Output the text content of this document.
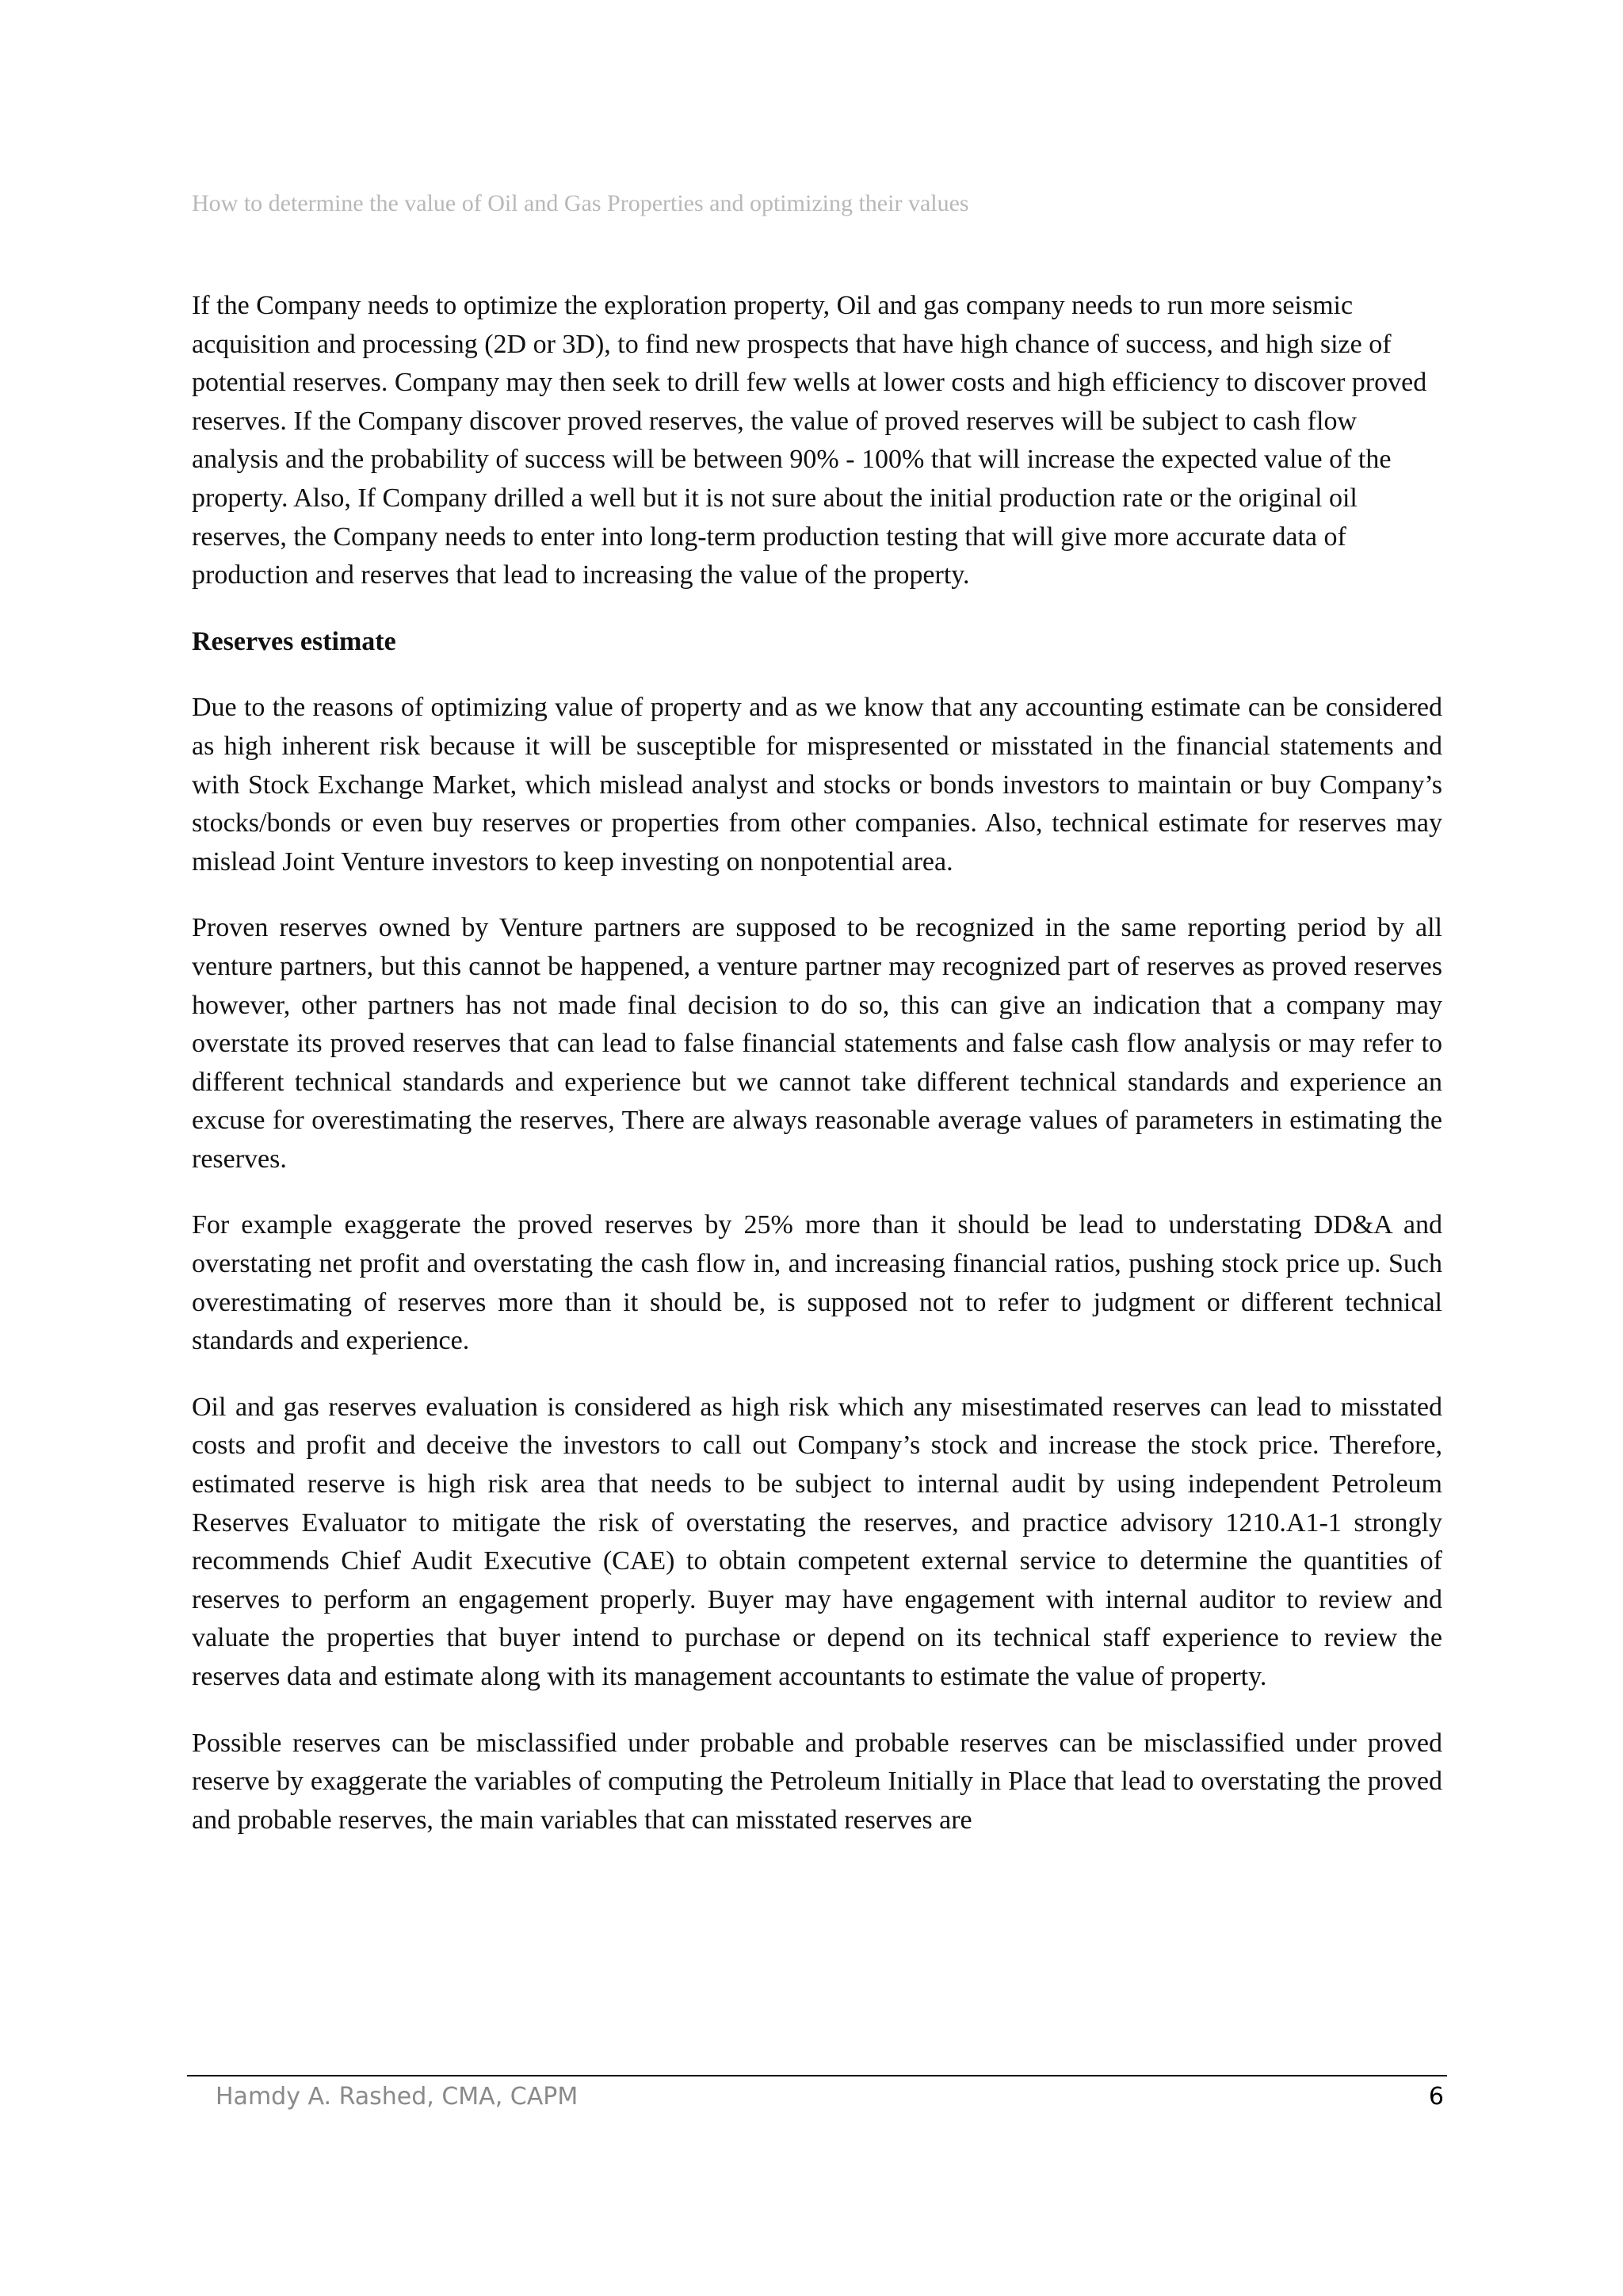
How to determine the value of Oil and Gas Properties and optimizing their values

If the Company needs to optimize the exploration property, Oil and gas company needs to run more seismic acquisition and processing (2D or 3D), to find new prospects that have high chance of success, and high size of potential reserves. Company may then seek to drill few wells at lower costs and high efficiency to discover proved reserves. If the Company discover proved reserves, the value of proved reserves will be subject to cash flow analysis and the probability of success will be between 90% - 100% that will increase the expected value of the property. Also, If Company drilled a well but it is not sure about the initial production rate or the original oil reserves, the Company needs to enter into long-term production testing that will give more accurate data of production and reserves that lead to increasing the value of the property.

Reserves estimate

Due to the reasons of optimizing value of property and as we know that any accounting estimate can be considered as high inherent risk because it will be susceptible for mispresented or misstated in the financial statements and with Stock Exchange Market, which mislead analyst and stocks or bonds investors to maintain or buy Company’s stocks/bonds or even buy reserves or properties from other companies. Also, technical estimate for reserves may mislead Joint Venture investors to keep investing on nonpotential area.

Proven reserves owned by Venture partners are supposed to be recognized in the same reporting period by all venture partners, but this cannot be happened, a venture partner may recognized part of reserves as proved reserves however, other partners has not made final decision to do so, this can give an indication that a company may overstate its proved reserves that can lead to false financial statements and false cash flow analysis or may refer to different technical standards and experience but we cannot take different technical standards and experience an excuse for overestimating the reserves, There are always reasonable average values of parameters in estimating the reserves.

For example exaggerate the proved reserves by 25% more than it should be lead to understating DD&A and overstating net profit and overstating the cash flow in, and increasing financial ratios, pushing stock price up. Such overestimating of reserves more than it should be, is supposed not to refer to judgment or different technical standards and experience.

Oil and gas reserves evaluation is considered as high risk which any misestimated reserves can lead to misstated costs and profit and deceive the investors to call out Company’s stock and increase the stock price. Therefore, estimated reserve is high risk area that needs to be subject to internal audit by using independent Petroleum Reserves Evaluator to mitigate the risk of overstating the reserves, and practice advisory 1210.A1-1 strongly recommends Chief Audit Executive (CAE) to obtain competent external service to determine the quantities of reserves to perform an engagement properly. Buyer may have engagement with internal auditor to review and valuate the properties that buyer intend to purchase or depend on its technical staff experience to review the reserves data and estimate along with its management accountants to estimate the value of property.

Possible reserves can be misclassified under probable and probable reserves can be misclassified under proved reserve by exaggerate the variables of computing the Petroleum Initially in Place that lead to overstating the proved and probable reserves, the main variables that can misstated reserves are

Hamdy A. Rashed, CMA, CAPM	6
